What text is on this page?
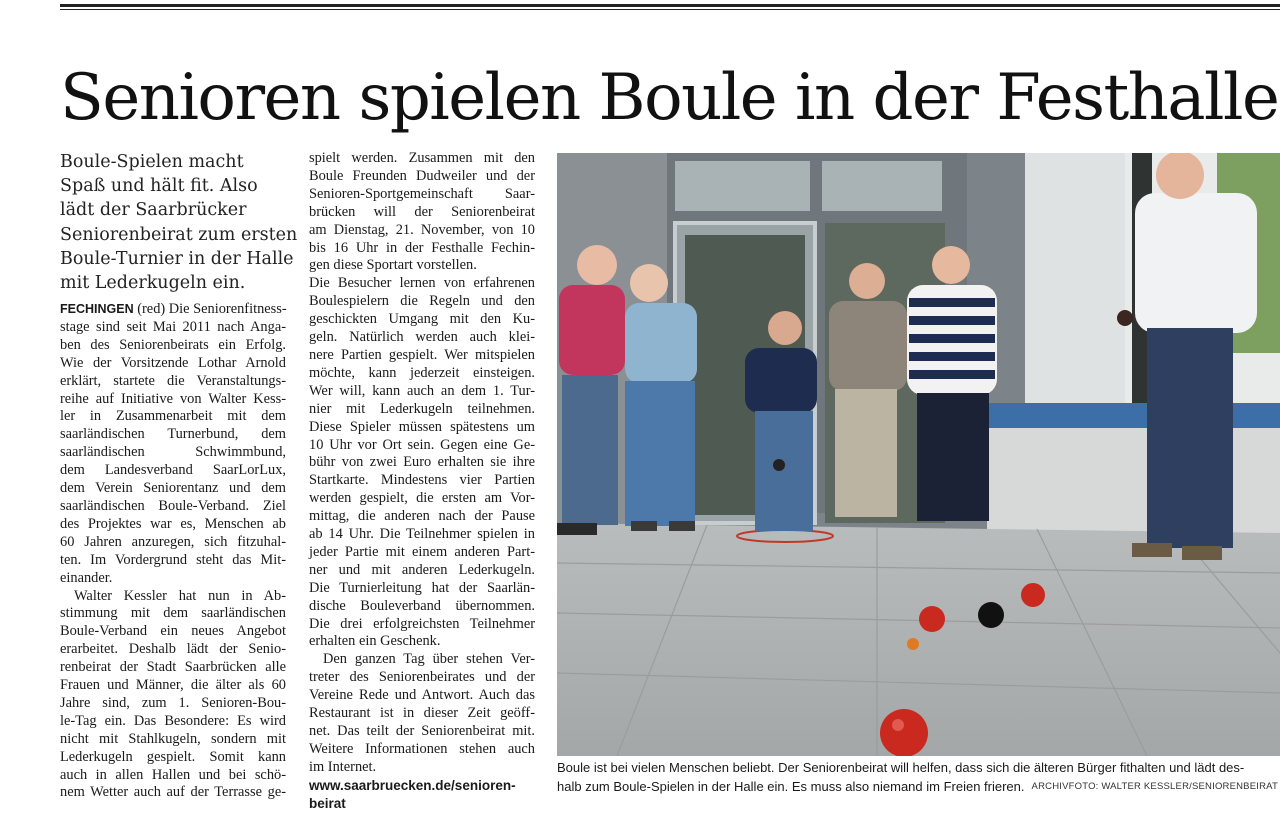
Senioren spielen Boule in der Festhalle
Boule-Spielen macht
Spaß und hält fit. Also
lädt der Saarbrücker
Seniorenbeirat zum ersten
Boule-Turnier in der Halle
mit Lederkugeln ein.
FECHINGEN (red) Die Seniorenfitness-
stage sind seit Mai 2011 nach Anga-
ben des Seniorenbeirats ein Erfolg.
Wie der Vorsitzende Lothar Arnold
erklärt, startete die Veranstaltungs-
reihe auf Initiative von Walter Kess-
ler in Zusammenarbeit mit dem
saarländischen Turnerbund, dem
saarländischen Schwimmbund,
dem Landesverband SaarLorLux,
dem Verein Seniorentanz und dem
saarländischen Boule-Verband. Ziel
des Projektes war es, Menschen ab
60 Jahren anzuregen, sich fitzuhal-
ten. Im Vordergrund steht das Mit-
einander.
Walter Kessler hat nun in Ab-
stimmung mit dem saarländischen
Boule-Verband ein neues Angebot
erarbeitet. Deshalb lädt der Senio-
renbeirat der Stadt Saarbrücken alle
Frauen und Männer, die älter als 60
Jahre sind, zum 1. Senioren-Bou-
le-Tag ein. Das Besondere: Es wird
nicht mit Stahlkugeln, sondern mit
Lederkugeln gespielt. Somit kann
auch in allen Hallen und bei schö-
nem Wetter auch auf der Terrasse ge-
spielt werden. Zusammen mit den
Boule Freunden Dudweiler und der
Senioren-Sportgemeinschaft Saar-
brücken will der Seniorenbeirat
am Dienstag, 21. November, von 10
bis 16 Uhr in der Festhalle Fechin-
gen diese Sportart vorstellen.
Die Besucher lernen von erfahrenen
Boulespielern die Regeln und den
geschickten Umgang mit den Ku-
geln. Natürlich werden auch klei-
nere Partien gespielt. Wer mitspielen
möchte, kann jederzeit einsteigen.
Wer will, kann auch an dem 1. Tur-
nier mit Lederkugeln teilnehmen.
Diese Spieler müssen spätestens um
10 Uhr vor Ort sein. Gegen eine Ge-
bühr von zwei Euro erhalten sie ihre
Startkarte. Mindestens vier Partien
werden gespielt, die ersten am Vor-
mittag, die anderen nach der Pause
ab 14 Uhr. Die Teilnehmer spielen in
jeder Partie mit einem anderen Part-
ner und mit anderen Lederkugeln.
Die Turnierleitung hat der Saarlän-
dische Bouleverband übernommen.
Die drei erfolgreichsten Teilnehmer
erhalten ein Geschenk.
Den ganzen Tag über stehen Ver-
treter des Seniorenbeirates und der
Vereine Rede und Antwort. Auch das
Restaurant ist in dieser Zeit geöff-
net. Das teilt der Seniorenbeirat mit.
Weitere Informationen stehen auch
im Internet.
www.saarbruecken.de/senioren-
beirat
Boule ist bei vielen Menschen beliebt. Der Seniorenbeirat will helfen, dass sich die älteren Bürger fithalten und lädt des-
halb zum Boule-Spielen in der Halle ein. Es muss also niemand im Freien frieren. ARCHIVFOTO: WALTER KESSLER/SENIORENBEIRAT
